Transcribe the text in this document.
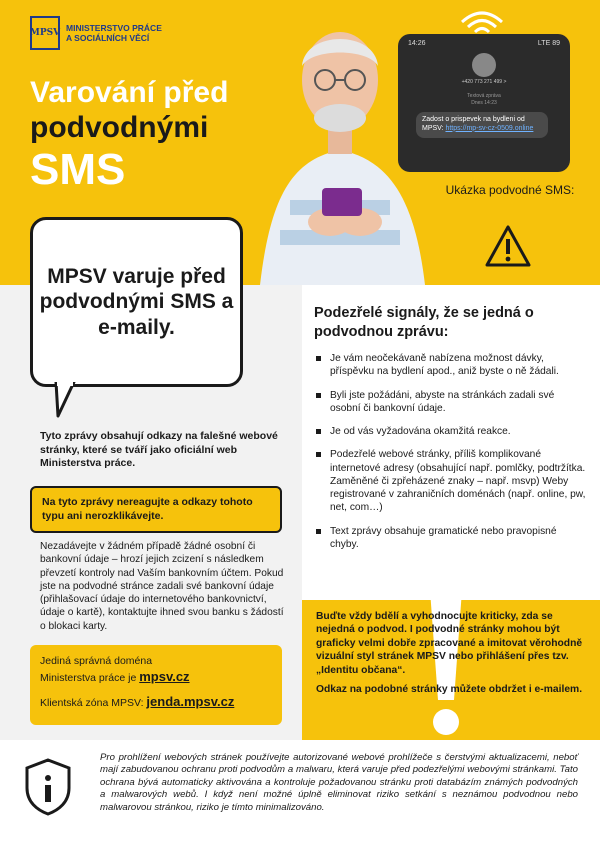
MPSV MINISTERSTVO PRÁCE
A SOCIÁLNÍCH VĚCÍ
Varování před
podvodnými
SMS
14:26	LTE 89
+420 773 271 499 >
Textová zpráva
Dnes 14:23
Zadost o prispevek na bydleni od MPSV: https://mp-sv-cz-0509.online
Ukázka podvodné SMS:
MPSV varuje před podvodnými SMS a e-maily.
Tyto zprávy obsahují odkazy na falešné webové stránky, které se tváří jako oficiální web Ministerstva práce.
Na tyto zprávy nereagujte a odkazy tohoto typu ani nerozklikávejte.
Nezadávejte v žádném případě žádné osobní či bankovní údaje – hrozí jejich zcizení s následkem převzetí kontroly nad Vaším bankovním účtem. Pokud jste na podvodné stránce zadali své bankovní údaje (přihlašovací údaje do internetového bankovnictví, údaje o kartě), kontaktujte ihned svou banku s žádostí o blokaci karty.
Jediná správná doména
Ministerstva práce je mpsv.cz
Klientská zóna MPSV: jenda.mpsv.cz
Podezřelé signály, že se jedná o podvodnou zprávu:
Je vám neočekávaně nabízena možnost dávky, příspěvku na bydlení apod., aniž byste o ně žádali.
Byli jste požádáni, abyste na stránkách zadali své osobní či bankovní údaje.
Je od vás vyžadována okamžitá reakce.
Podezřelé webové stránky, příliš komplikované internetové adresy (obsahující např. pomlčky, podtržítka. Zaměněné či zpřeházené znaky – např. msvp) Weby registrované v zahraničních doménách (např. online, pw, net, com…)
Text zprávy obsahuje gramatické nebo pravopisné chyby.

Buďte vždy bdělí a vyhodnocujte kriticky, zda se nejedná o podvod. I podvodné stránky mohou být graficky velmi dobře zpracované a imitovat věrohodně vizuální styl stránek MPSV nebo přihlášení přes tzv. „Identitu občana“.

Odkaz na podobné stránky můžete obdržet i e-mailem.

Pro prohlížení webových stránek používejte autorizované webové prohlížeče s čerstvými aktualizacemi, neboť mají zabudovanou ochranu proti podvodům a malwaru, která varuje před podezřelými webovými stránkami. Tato ochrana bývá automaticky aktivována a kontroluje požadovanou stránku proti databázím známých podvodných a malwarových webů. I když není možné úplně eliminovat riziko setkání s neznámou podvodnou nebo malwarovou stránkou, riziko je tímto minimalizováno.
